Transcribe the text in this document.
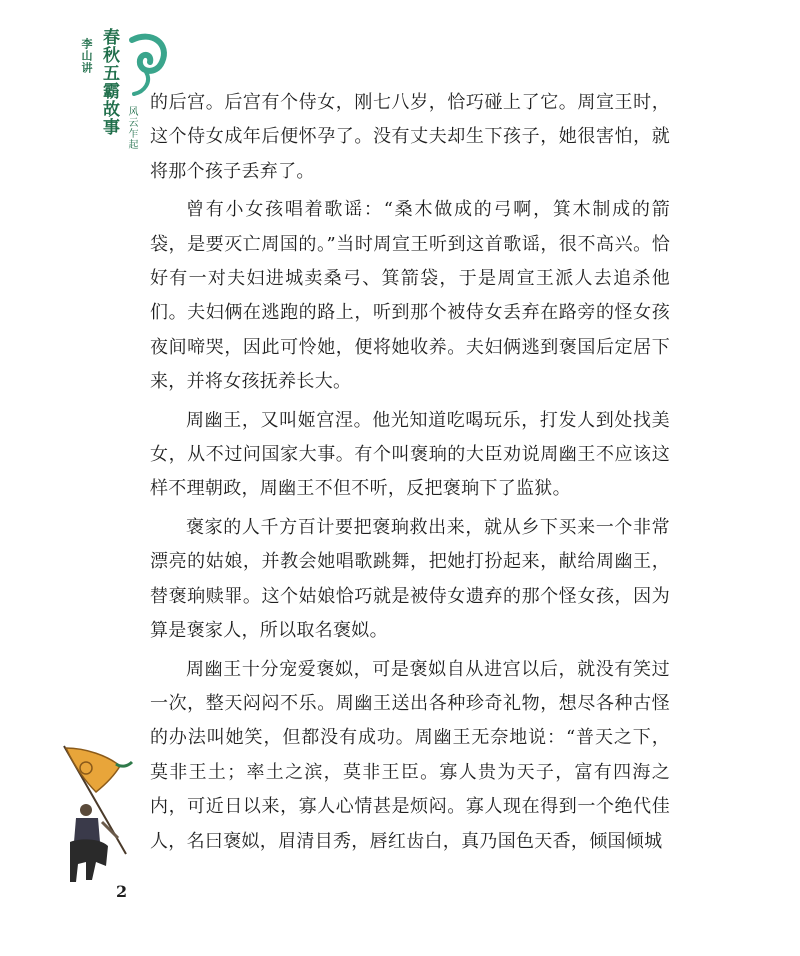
春秋五霸故事
李山讲
风云乍起

的后宫。后宫有个侍女，刚七八岁，恰巧碰上了它。周宣王时，这个侍女成年后便怀孕了。没有丈夫却生下孩子，她很害怕，就将那个孩子丢弃了。

曾有小女孩唱着歌谣：“桑木做成的弓啊，箕木制成的箭袋，是要灭亡周国的。”当时周宣王听到这首歌谣，很不高兴。恰好有一对夫妇进城卖桑弓、箕箭袋，于是周宣王派人去追杀他们。夫妇俩在逃跑的路上，听到那个被侍女丢弃在路旁的怪女孩夜间啼哭，因此可怜她，便将她收养。夫妇俩逃到褒国后定居下来，并将女孩抚养长大。

周幽王，又叫姬宫涅。他光知道吃喝玩乐，打发人到处找美女，从不过问国家大事。有个叫褒珦的大臣劝说周幽王不应该这样不理朝政，周幽王不但不听，反把褒珦下了监狱。

褒家的人千方百计要把褒珦救出来，就从乡下买来一个非常漂亮的姑娘，并教会她唱歌跳舞，把她打扮起来，献给周幽王，替褒珦赎罪。这个姑娘恰巧就是被侍女遗弃的那个怪女孩，因为算是褒家人，所以取名褒姒。

周幽王十分宠爱褒姒，可是褒姒自从进宫以后，就没有笑过一次，整天闷闷不乐。周幽王送出各种珍奇礼物，想尽各种古怪的办法叫她笑，但都没有成功。周幽王无奈地说：“普天之下，莫非王土；率土之滨，莫非王臣。寡人贵为天子，富有四海之内，可近日以来，寡人心情甚是烦闷。寡人现在得到一个绝代佳人，名曰褒姒，眉清目秀，唇红齿白，真乃国色天香，倾国倾城

2
